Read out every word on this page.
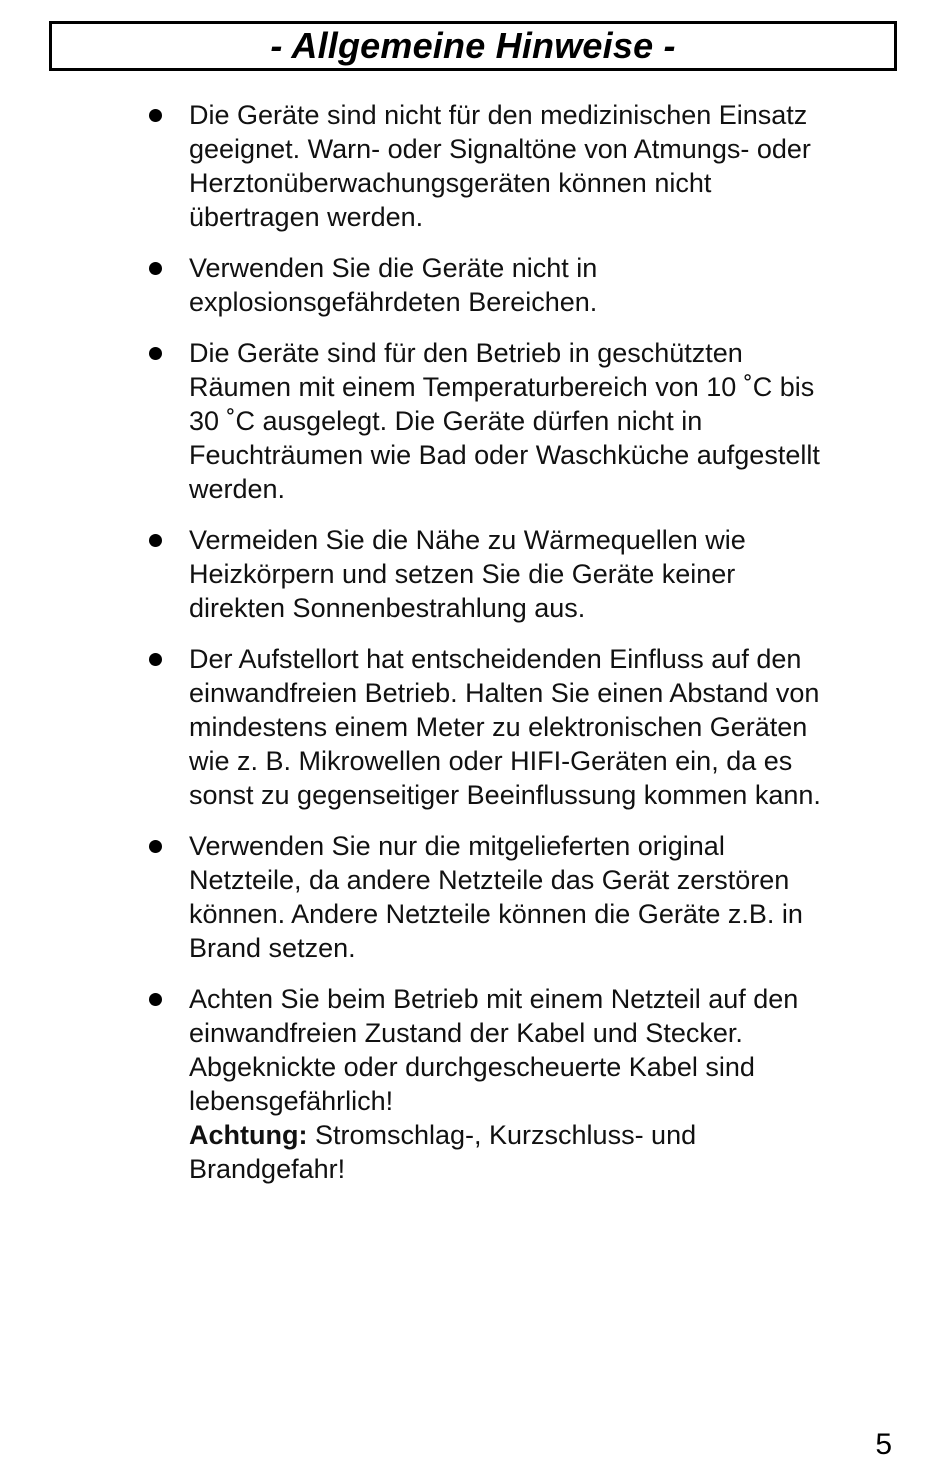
- Allgemeine Hinweise -
Die Geräte sind nicht für den medizinischen Einsatz
geeignet. Warn- oder Signaltöne von Atmungs- oder
Herztonüberwachungsgeräten können nicht
übertragen werden.
Verwenden Sie die Geräte nicht in
explosionsgefährdeten Bereichen.
Die Geräte sind für den Betrieb in geschützten
Räumen mit einem Temperaturbereich von 10 ˚C bis
30 ˚C ausgelegt. Die Geräte dürfen nicht in
Feuchträumen wie Bad oder Waschküche aufgestellt
werden.
Vermeiden Sie die Nähe zu Wärmequellen wie
Heizkörpern und setzen Sie die Geräte keiner
direkten Sonnenbestrahlung aus.
Der Aufstellort hat entscheidenden Einfluss auf den
einwandfreien Betrieb. Halten Sie einen Abstand von
mindestens einem Meter zu elektronischen Geräten
wie z. B. Mikrowellen oder HIFI-Geräten ein, da es
sonst zu gegenseitiger Beeinflussung kommen kann.
Verwenden Sie nur die mitgelieferten original
Netzteile, da andere Netzteile das Gerät zerstören
können. Andere Netzteile können die Geräte z.B. in
Brand setzen.
Achten Sie beim Betrieb mit einem Netzteil auf den
einwandfreien Zustand der Kabel und Stecker.
Abgeknickte oder durchgescheuerte Kabel sind
lebensgefährlich!
Achtung: Stromschlag-, Kurzschluss- und
Brandgefahr!
5
